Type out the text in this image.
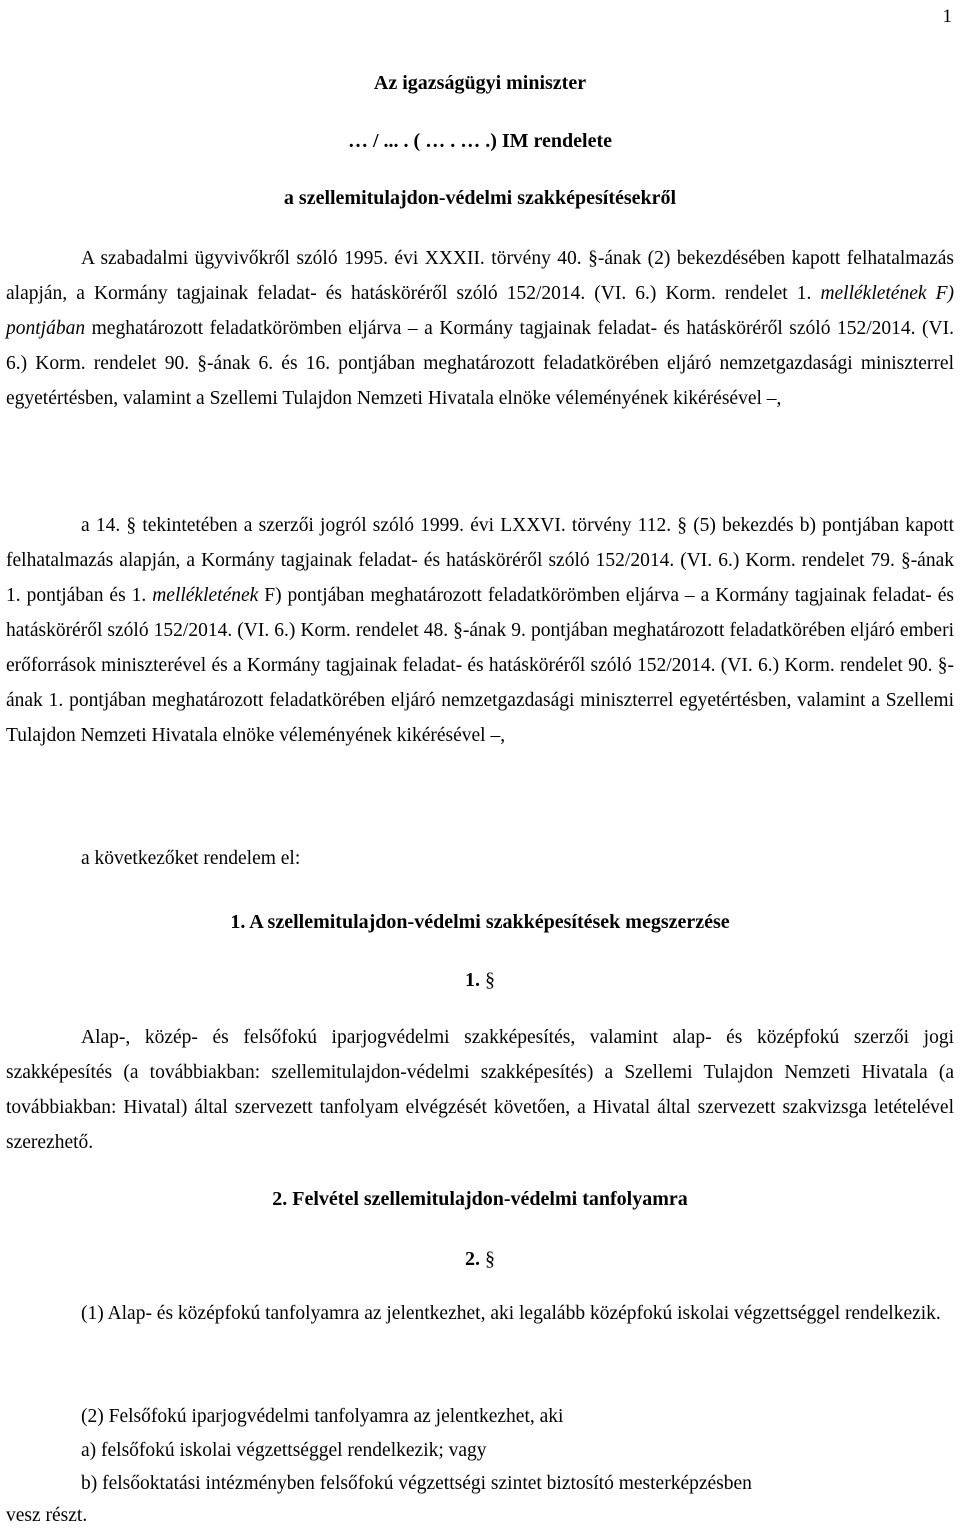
1
Az igazságügyi miniszter
… / ... . ( … . … .) IM rendelete
a szellemitulajdon-védelmi szakképesítésekről
A szabadalmi ügyvivőkről szóló 1995. évi XXXII. törvény 40. §-ának (2) bekezdésében kapott felhatalmazás alapján, a Kormány tagjainak feladat- és hatásköréről szóló 152/2014. (VI. 6.) Korm. rendelet 1. mellékletének F) pontjában meghatározott feladatkörömben eljárva – a Kormány tagjainak feladat- és hatásköréről szóló 152/2014. (VI. 6.) Korm. rendelet 90. §-ának 6. és 16. pontjában meghatározott feladatkörében eljáró nemzetgazdasági miniszterrel egyetértésben, valamint a Szellemi Tulajdon Nemzeti Hivatala elnöke véleményének kikérésével –,
a 14. § tekintetében a szerzői jogról szóló 1999. évi LXXVI. törvény 112. § (5) bekezdés b) pontjában kapott felhatalmazás alapján, a Kormány tagjainak feladat- és hatásköréről szóló 152/2014. (VI. 6.) Korm. rendelet 79. §-ának 1. pontjában és 1. mellékletének F) pontjában meghatározott feladatkörömben eljárva – a Kormány tagjainak feladat- és hatásköréről szóló 152/2014. (VI. 6.) Korm. rendelet 48. §-ának 9. pontjában meghatározott feladatkörében eljáró emberi erőforrások miniszterével és a Kormány tagjainak feladat- és hatásköréről szóló 152/2014. (VI. 6.) Korm. rendelet 90. §-ának 1. pontjában meghatározott feladatkörében eljáró nemzetgazdasági miniszterrel egyetértésben, valamint a Szellemi Tulajdon Nemzeti Hivatala elnöke véleményének kikérésével –,
a következőket rendelem el:
1. A szellemitulajdon-védelmi szakképesítések megszerzése
1. §
Alap-, közép- és felsőfokú iparjogvédelmi szakképesítés, valamint alap- és középfokú szerzői jogi szakképesítés (a továbbiakban: szellemitulajdon-védelmi szakképesítés) a Szellemi Tulajdon Nemzeti Hivatala (a továbbiakban: Hivatal) által szervezett tanfolyam elvégzését követően, a Hivatal által szervezett szakvizsga letételével szerezhető.
2. Felvétel szellemitulajdon-védelmi tanfolyamra
2. §
(1) Alap- és középfokú tanfolyamra az jelentkezhet, aki legalább középfokú iskolai végzettséggel rendelkezik.
(2) Felsőfokú iparjogvédelmi tanfolyamra az jelentkezhet, aki
a) felsőfokú iskolai végzettséggel rendelkezik; vagy
b) felsőoktatási intézményben felsőfokú végzettségi szintet biztosító mesterképzésben
vesz részt.
